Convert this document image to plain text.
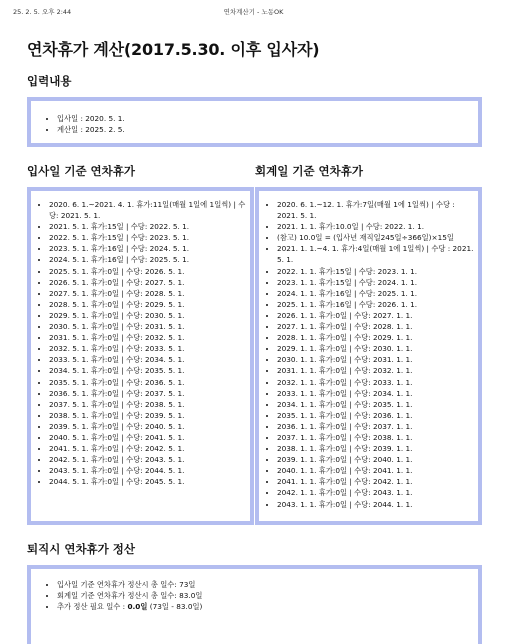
25. 2. 5. 오후 2:44	연차계산기 - 노동OK
연차휴가 계산(2017.5.30. 이후 입사자)
입력내용
• 입사일 : 2020. 5. 1.
• 계산일 : 2025. 2. 5.
입사일 기준 연차휴가
• 2020. 6. 1.~2021. 4. 1. 휴가:11일(매월 1일에 1일씩) | 수당: 2021. 5. 1.
• 2021. 5. 1. 휴가:15일 | 수당: 2022. 5. 1.
• 2022. 5. 1. 휴가:15일 | 수당: 2023. 5. 1.
• 2023. 5. 1. 휴가:16일 | 수당: 2024. 5. 1.
• 2024. 5. 1. 휴가:16일 | 수당: 2025. 5. 1.
• 2025. 5. 1. 휴가:0일 | 수당: 2026. 5. 1.
• 2026. 5. 1. 휴가:0일 | 수당: 2027. 5. 1.
• 2027. 5. 1. 휴가:0일 | 수당: 2028. 5. 1.
• 2028. 5. 1. 휴가:0일 | 수당: 2029. 5. 1.
• 2029. 5. 1. 휴가:0일 | 수당: 2030. 5. 1.
• 2030. 5. 1. 휴가:0일 | 수당: 2031. 5. 1.
• 2031. 5. 1. 휴가:0일 | 수당: 2032. 5. 1.
• 2032. 5. 1. 휴가:0일 | 수당: 2033. 5. 1.
• 2033. 5. 1. 휴가:0일 | 수당: 2034. 5. 1.
• 2034. 5. 1. 휴가:0일 | 수당: 2035. 5. 1.
• 2035. 5. 1. 휴가:0일 | 수당: 2036. 5. 1.
• 2036. 5. 1. 휴가:0일 | 수당: 2037. 5. 1.
• 2037. 5. 1. 휴가:0일 | 수당: 2038. 5. 1.
• 2038. 5. 1. 휴가:0일 | 수당: 2039. 5. 1.
• 2039. 5. 1. 휴가:0일 | 수당: 2040. 5. 1.
• 2040. 5. 1. 휴가:0일 | 수당: 2041. 5. 1.
• 2041. 5. 1. 휴가:0일 | 수당: 2042. 5. 1.
• 2042. 5. 1. 휴가:0일 | 수당: 2043. 5. 1.
• 2043. 5. 1. 휴가:0일 | 수당: 2044. 5. 1.
• 2044. 5. 1. 휴가:0일 | 수당: 2045. 5. 1.
회계일 기준 연차휴가
• 2020. 6. 1.~12. 1. 휴가:7일(매월 1에 1일씩) | 수당 : 2021. 5. 1.
• 2021. 1. 1. 휴가:10.0일 | 수당: 2022. 1. 1.
• (참고) 10.0일 = (입사년 재직일245일÷366일)×15일
• 2021. 1. 1.~4. 1. 휴가:4일(매월 1에 1일씩) | 수당 : 2021. 5. 1.
• 2022. 1. 1. 휴가:15일 | 수당: 2023. 1. 1.
• 2023. 1. 1. 휴가:15일 | 수당: 2024. 1. 1.
• 2024. 1. 1. 휴가:16일 | 수당: 2025. 1. 1.
• 2025. 1. 1. 휴가:16일 | 수당: 2026. 1. 1.
• 2026. 1. 1. 휴가:0일 | 수당: 2027. 1. 1.
• 2027. 1. 1. 휴가:0일 | 수당: 2028. 1. 1.
• 2028. 1. 1. 휴가:0일 | 수당: 2029. 1. 1.
• 2029. 1. 1. 휴가:0일 | 수당: 2030. 1. 1.
• 2030. 1. 1. 휴가:0일 | 수당: 2031. 1. 1.
• 2031. 1. 1. 휴가:0일 | 수당: 2032. 1. 1.
• 2032. 1. 1. 휴가:0일 | 수당: 2033. 1. 1.
• 2033. 1. 1. 휴가:0일 | 수당: 2034. 1. 1.
• 2034. 1. 1. 휴가:0일 | 수당: 2035. 1. 1.
• 2035. 1. 1. 휴가:0일 | 수당: 2036. 1. 1.
• 2036. 1. 1. 휴가:0일 | 수당: 2037. 1. 1.
• 2037. 1. 1. 휴가:0일 | 수당: 2038. 1. 1.
• 2038. 1. 1. 휴가:0일 | 수당: 2039. 1. 1.
• 2039. 1. 1. 휴가:0일 | 수당: 2040. 1. 1.
• 2040. 1. 1. 휴가:0일 | 수당: 2041. 1. 1.
• 2041. 1. 1. 휴가:0일 | 수당: 2042. 1. 1.
• 2042. 1. 1. 휴가:0일 | 수당: 2043. 1. 1.
• 2043. 1. 1. 휴가:0일 | 수당: 2044. 1. 1.
퇴직시 연차휴가 정산
• 입사일 기준 연차휴가 정산시 총 일수: 73일
• 회계일 기준 연차휴가 정산시 총 일수: 83.0일
• 추가 정산 필요 일수 : 0.0일 (73일 - 83.0일)
